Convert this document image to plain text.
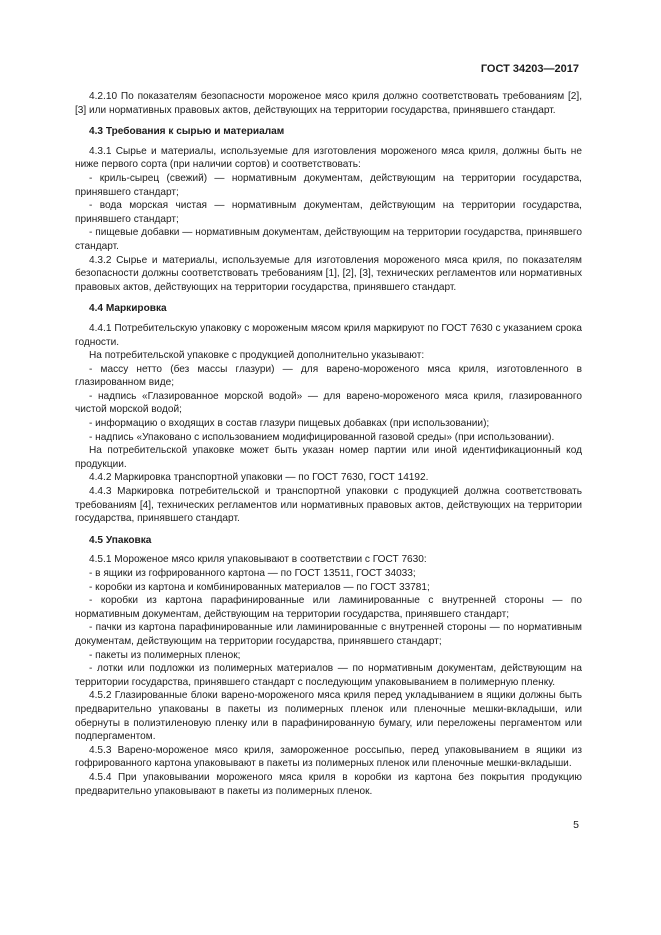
ГОСТ 34203—2017

4.2.10 По показателям безопасности мороженое мясо криля должно соответствовать требованиям [2], [3] или нормативных правовых актов, действующих на территории государства, принявшего стандарт.

4.3 Требования к сырью и материалам

4.3.1 Сырье и материалы, используемые для изготовления мороженого мяса криля, должны быть не ниже первого сорта (при наличии сортов) и соответствовать:

- криль-сырец (свежий) — нормативным документам, действующим на территории государства, принявшего стандарт;

- вода морская чистая — нормативным документам, действующим на территории государства, принявшего стандарт;

- пищевые добавки — нормативным документам, действующим на территории государства, принявшего стандарт.

4.3.2 Сырье и материалы, используемые для изготовления мороженого мяса криля, по показателям безопасности должны соответствовать требованиям [1], [2], [3], технических регламентов или нормативных правовых актов, действующих на территории государства, принявшего стандарт.

4.4 Маркировка

4.4.1 Потребительскую упаковку с мороженым мясом криля маркируют по ГОСТ 7630 с указанием срока годности.

На потребительской упаковке с продукцией дополнительно указывают:

- массу нетто (без массы глазури) — для варено-мороженого мяса криля, изготовленного в глазированном виде;

- надпись «Глазированное морской водой» — для варено-мороженого мяса криля, глазированного чистой морской водой;

- информацию о входящих в состав глазури пищевых добавках (при использовании);

- надпись «Упаковано с использованием модифицированной газовой среды» (при использовании).

На потребительской упаковке может быть указан номер партии или иной идентификационный код продукции.

4.4.2 Маркировка транспортной упаковки — по ГОСТ 7630, ГОСТ 14192.

4.4.3 Маркировка потребительской и транспортной упаковки с продукцией должна соответствовать требованиям [4], технических регламентов или нормативных правовых актов, действующих на территории государства, принявшего стандарт.

4.5 Упаковка

4.5.1 Мороженое мясо криля упаковывают в соответствии с ГОСТ 7630:

- в ящики из гофрированного картона — по ГОСТ 13511, ГОСТ 34033;

- коробки из картона и комбинированных материалов — по ГОСТ 33781;

- коробки из картона парафинированные или ламинированные с внутренней стороны — по нормативным документам, действующим на территории государства, принявшего стандарт;

- пачки из картона парафинированные или ламинированные с внутренней стороны — по нормативным документам, действующим на территории государства, принявшего стандарт;

- пакеты из полимерных пленок;

- лотки или подложки из полимерных материалов — по нормативным документам, действующим на территории государства, принявшего стандарт с последующим упаковыванием в полимерную пленку.

4.5.2 Глазированные блоки варено-мороженого мяса криля перед укладыванием в ящики должны быть предварительно упакованы в пакеты из полимерных пленок или пленочные мешки-вкладыши, или обернуты в полиэтиленовую пленку или в парафинированную бумагу, или переложены пергаментом или подпергаментом.

4.5.3 Варено-мороженое мясо криля, замороженное россыпью, перед упаковыванием в ящики из гофрированного картона упаковывают в пакеты из полимерных пленок или пленочные мешки-вкладыши.

4.5.4 При упаковывании мороженого мяса криля в коробки из картона без покрытия продукцию предварительно упаковывают в пакеты из полимерных пленок.

5
